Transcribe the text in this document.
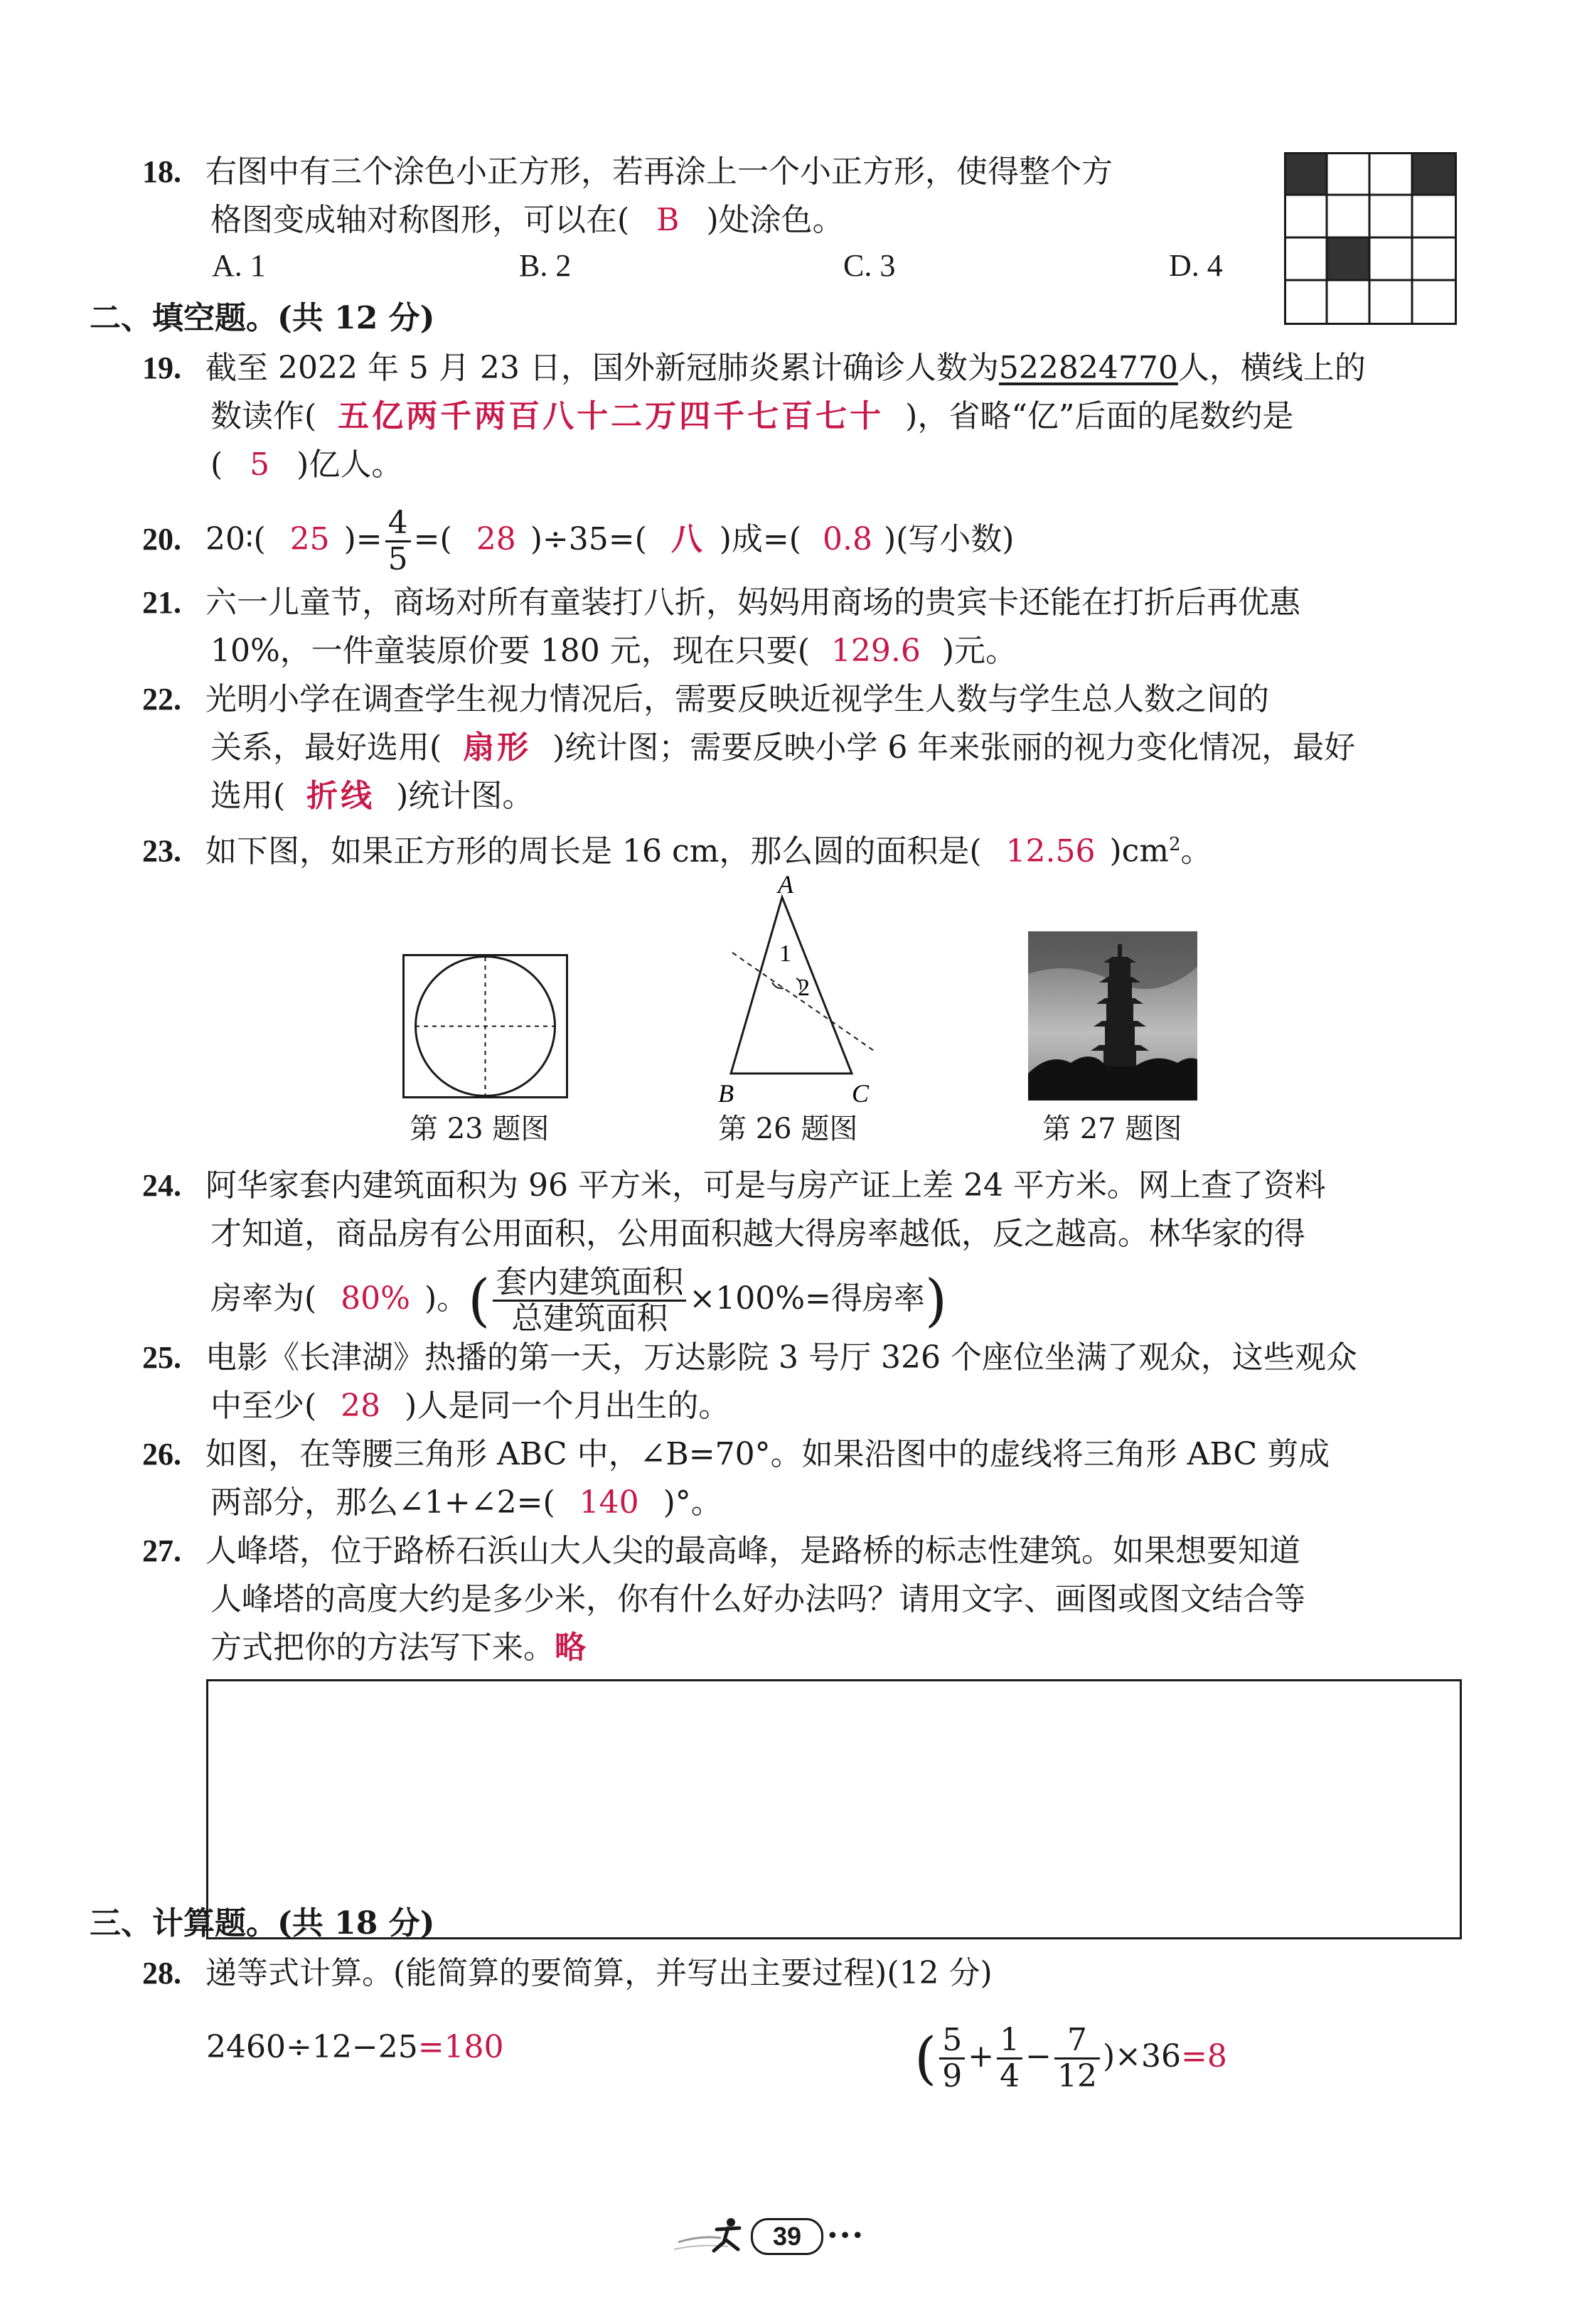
18. 右图中有三个涂色小正方形，若再涂上一个小正方形，使得整个方
格图变成轴对称图形，可以在( B )处涂色。
A. 1	B. 2	C. 3	D. 4
二、填空题。(共 12 分)
19. 截至 2022 年 5 月 23 日，国外新冠肺炎累计确诊人数为522824770人，横线上的
数读作( 五亿两千两百八十二万四千七百七十 )，省略“亿”后面的尾数约是
( 5 )亿人。
20. 20∶( 25 )= $\frac{4}{5}$ =( 28 )÷35=( 八 )成=( 0.8 )(写小数)
21. 六一儿童节，商场对所有童装打八折，妈妈用商场的贵宾卡还能在打折后再优惠
10%，一件童装原价要 180 元，现在只要( 129.6 )元。
22. 光明小学在调查学生视力情况后，需要反映近视学生人数与学生总人数之间的
关系，最好选用( 扇形 )统计图；需要反映小学 6 年来张丽的视力变化情况，最好
选用( 折线 )统计图。
23. 如下图，如果正方形的周长是 16 cm，那么圆的面积是( 12.56 )$cm^2$。
第 23 题图
A
B	C
1
2
第 26 题图	第 27 题图
24. 阿华家套内建筑面积为 96 平方米，可是与房产证上差 24 平方米。网上查了资料
才知道，商品房有公用面积，公用面积越大得房率越低，反之越高。林华家的得
房率为( 80% )。( $\frac{\text{套内建筑面积}}{\text{总建筑面积}} \times 100\%=$得房率)
25. 电影《长津湖》热播的第一天，万达影院 3 号厅 326 个座位坐满了观众，这些观众
中至少( 28 )人是同一个月出生的。
26. 如图，在等腰三角形 ABC 中，∠B=70°。如果沿图中的虚线将三角形 ABC 剪成
两部分，那么∠1+∠2=( 140 )°。
27. 人峰塔，位于路桥石浜山大人尖的最高峰，是路桥的标志性建筑。如果想要知道
人峰塔的高度大约是多少米，你有什么好办法吗？请用文字、画图或图文结合等
方式把你的方法写下来。略
三、计算题。(共 18 分)
28. 递等式计算。(能简算的要简算，并写出主要过程)(12 分)
2460÷12−25=180	( $\frac{5}{9} + \frac{1}{4} - \frac{7}{12} )\times 36=8$
39	•••
